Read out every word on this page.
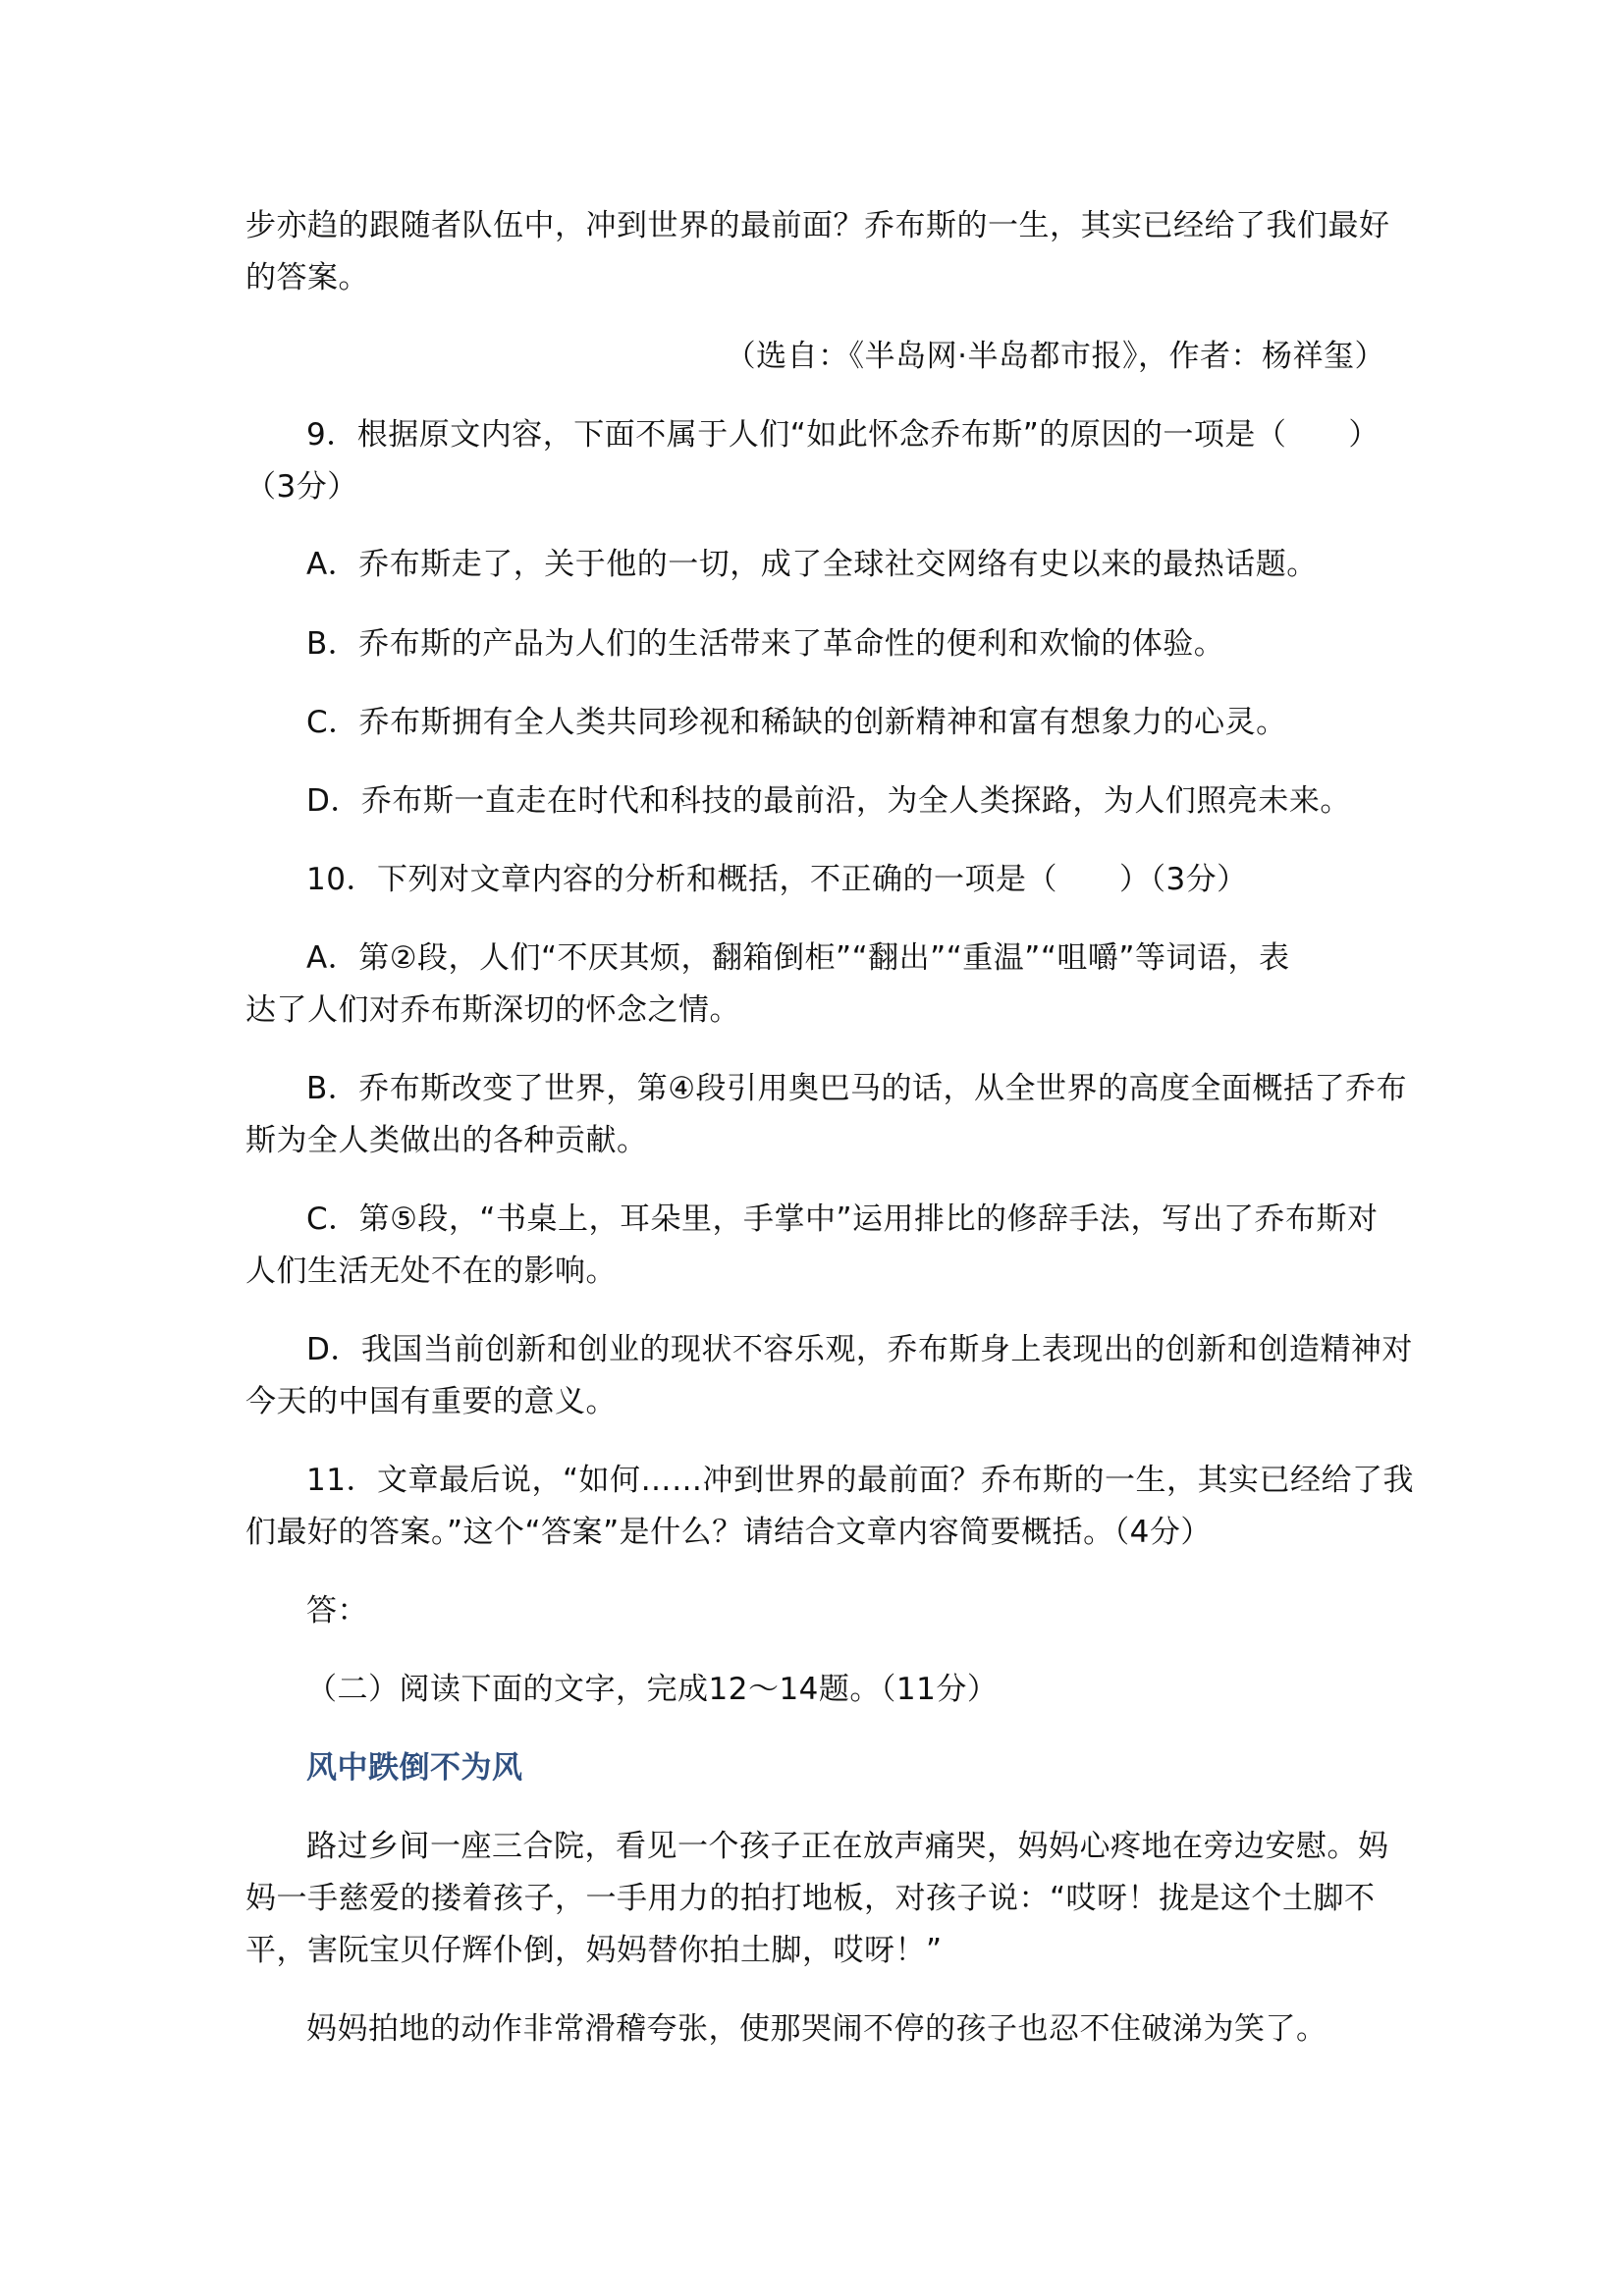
步亦趋的跟随者队伍中，冲到世界的最前面？乔布斯的一生，其实已经给了我们最好
的答案。
（选自：《半岛网·半岛都市报》，作者：杨祥玺）
9．根据原文内容，下面不属于人们“如此怀念乔布斯”的原因的一项是（　　）
（3分）
A．乔布斯走了，关于他的一切，成了全球社交网络有史以来的最热话题。
B．乔布斯的产品为人们的生活带来了革命性的便利和欢愉的体验。
C．乔布斯拥有全人类共同珍视和稀缺的创新精神和富有想象力的心灵。
D．乔布斯一直走在时代和科技的最前沿，为全人类探路，为人们照亮未来。
10．下列对文章内容的分析和概括，不正确的一项是（　　）（3分）
A．第②段，人们“不厌其烦，翻箱倒柜”“翻出”“重温”“咀嚼”等词语，表
达了人们对乔布斯深切的怀念之情。
B．乔布斯改变了世界，第④段引用奥巴马的话，从全世界的高度全面概括了乔布
斯为全人类做出的各种贡献。
C．第⑤段，“书桌上，耳朵里，手掌中”运用排比的修辞手法，写出了乔布斯对
人们生活无处不在的影响。
D．我国当前创新和创业的现状不容乐观，乔布斯身上表现出的创新和创造精神对
今天的中国有重要的意义。
11．文章最后说，“如何……冲到世界的最前面？乔布斯的一生，其实已经给了我
们最好的答案。”这个“答案”是什么？请结合文章内容简要概括。（4分）
答：
（二）阅读下面的文字，完成12～14题。（11分）
风中跌倒不为风
路过乡间一座三合院，看见一个孩子正在放声痛哭，妈妈心疼地在旁边安慰。妈
妈一手慈爱的搂着孩子，一手用力的拍打地板，对孩子说：“哎呀！拢是这个土脚不
平，害阮宝贝仔辉仆倒，妈妈替你拍土脚，哎呀！”
妈妈拍地的动作非常滑稽夸张，使那哭闹不停的孩子也忍不住破涕为笑了。
